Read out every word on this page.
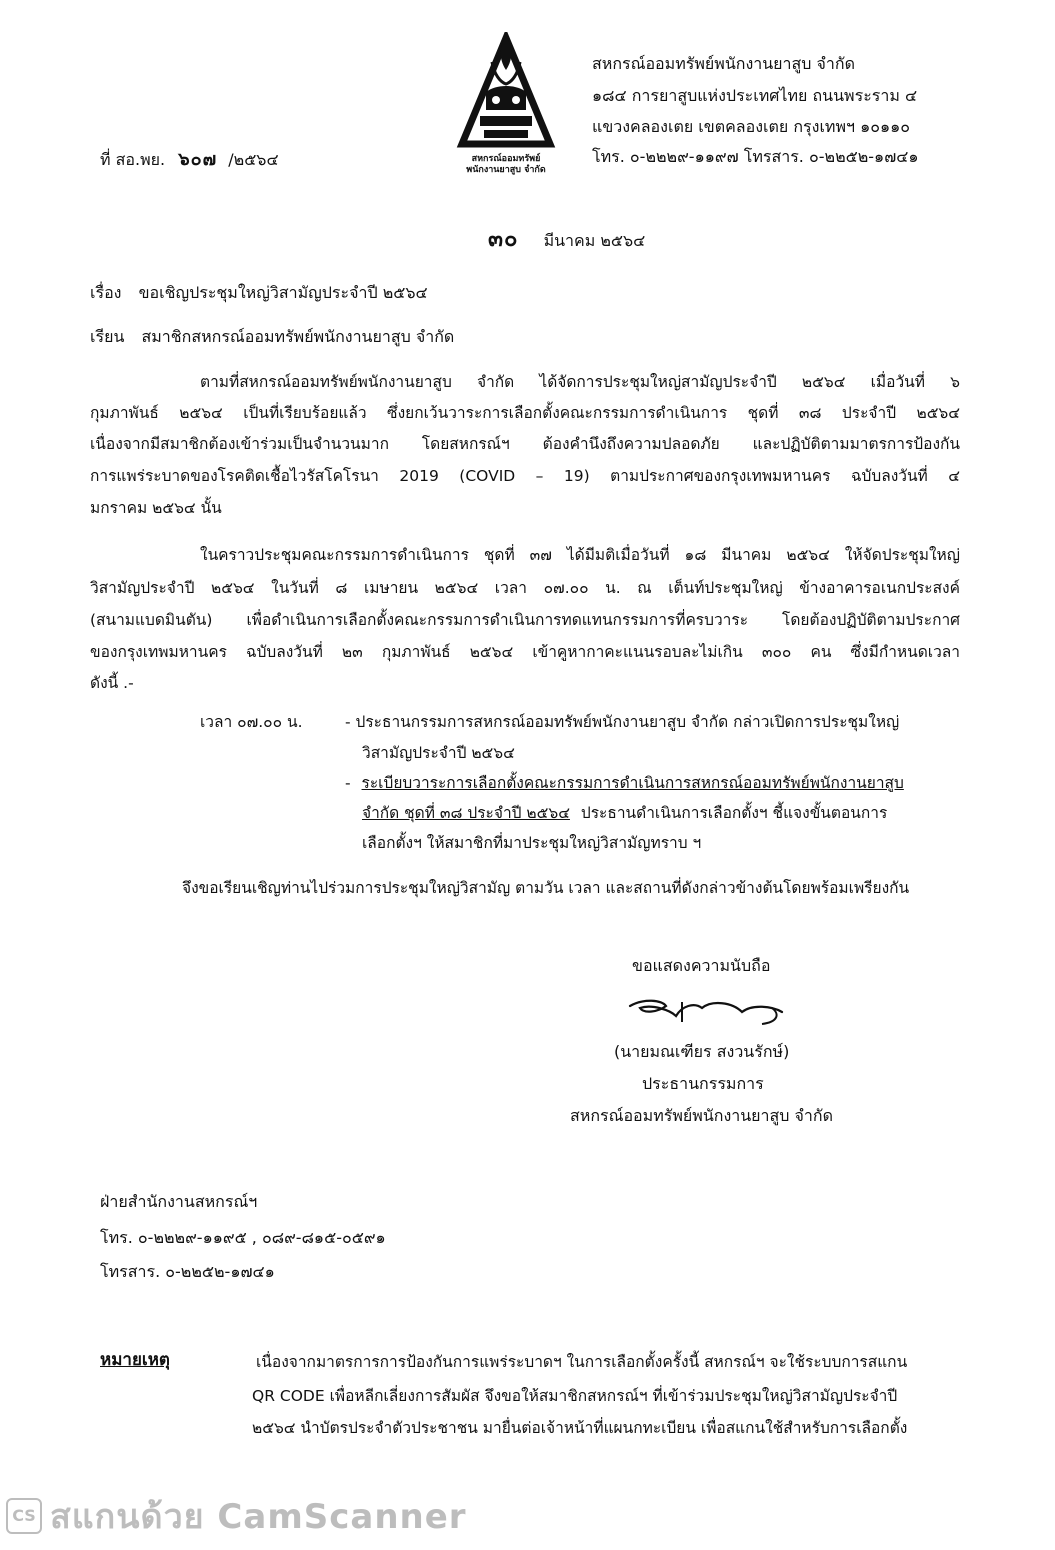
สหกรณ์ออมทรัพย์
พนักงานยาสูบ จำกัด
สหกรณ์ออมทรัพย์พนักงานยาสูบ จำกัด
๑๘๔ การยาสูบแห่งประเทศไทย ถนนพระราม ๔
แขวงคลองเตย เขตคลองเตย กรุงเทพฯ ๑๐๑๑๐
โทร. ๐-๒๒๒๙-๑๑๙๗ โทรสาร. ๐-๒๒๕๒-๑๗๔๑
ที่ สอ.พย. ๖๐๗ /๒๕๖๔
๓๐ มีนาคม ๒๕๖๔
เรื่อง ขอเชิญประชุมใหญ่วิสามัญประจำปี ๒๕๖๔
เรียน สมาชิกสหกรณ์ออมทรัพย์พนักงานยาสูบ จำกัด
ตามที่สหกรณ์ออมทรัพย์พนักงานยาสูบ จำกัด ได้จัดการประชุมใหญ่สามัญประจำปี ๒๕๖๔ เมื่อวันที่ ๖
กุมภาพันธ์ ๒๕๖๔ เป็นที่เรียบร้อยแล้ว ซึ่งยกเว้นวาระการเลือกตั้งคณะกรรมการดำเนินการ ชุดที่ ๓๘ ประจำปี ๒๕๖๔
เนื่องจากมีสมาชิกต้องเข้าร่วมเป็นจำนวนมาก โดยสหกรณ์ฯ ต้องคำนึงถึงความปลอดภัย และปฏิบัติตามมาตรการป้องกัน
การแพร่ระบาดของโรคติดเชื้อไวรัสโคโรนา 2019 (COVID – 19) ตามประกาศของกรุงเทพมหานคร ฉบับลงวันที่ ๔
มกราคม ๒๕๖๔ นั้น
ในคราวประชุมคณะกรรมการดำเนินการ ชุดที่ ๓๗ ได้มีมติเมื่อวันที่ ๑๘ มีนาคม ๒๕๖๔ ให้จัดประชุมใหญ่
วิสามัญประจำปี ๒๕๖๔ ในวันที่ ๘ เมษายน ๒๕๖๔ เวลา ๐๗.๐๐ น. ณ เต็นท์ประชุมใหญ่ ข้างอาคารอเนกประสงค์
(สนามแบดมินตัน) เพื่อดำเนินการเลือกตั้งคณะกรรมการดำเนินการทดแทนกรรมการที่ครบวาระ โดยต้องปฏิบัติตามประกาศ
ของกรุงเทพมหานคร ฉบับลงวันที่ ๒๓ กุมภาพันธ์ ๒๕๖๔ เข้าคูหากาคะแนนรอบละไม่เกิน ๓๐๐ คน ซึ่งมีกำหนดเวลา
ดังนี้ .-
เวลา ๐๗.๐๐ น.	- ประธานกรรมการสหกรณ์ออมทรัพย์พนักงานยาสูบ จำกัด กล่าวเปิดการประชุมใหญ่
วิสามัญประจำปี ๒๕๖๔
- ระเบียบวาระการเลือกตั้งคณะกรรมการดำเนินการสหกรณ์ออมทรัพย์พนักงานยาสูบ
จำกัด ชุดที่ ๓๘ ประจำปี ๒๕๖๔ ประธานดำเนินการเลือกตั้งฯ ชี้แจงขั้นตอนการ
เลือกตั้งฯ ให้สมาชิกที่มาประชุมใหญ่วิสามัญทราบ ฯ
จึงขอเรียนเชิญท่านไปร่วมการประชุมใหญ่วิสามัญ ตามวัน เวลา และสถานที่ดังกล่าวข้างต้นโดยพร้อมเพรียงกัน
ขอแสดงความนับถือ
(นายมณเฑียร สงวนรักษ์)
ประธานกรรมการ
สหกรณ์ออมทรัพย์พนักงานยาสูบ จำกัด
ฝ่ายสำนักงานสหกรณ์ฯ
โทร. ๐-๒๒๒๙-๑๑๙๕ , ๐๘๙-๘๑๕-๐๕๙๑
โทรสาร. ๐-๒๒๕๒-๑๗๔๑
หมายเหตุ	เนื่องจากมาตรการการป้องกันการแพร่ระบาดฯ ในการเลือกตั้งครั้งนี้ สหกรณ์ฯ จะใช้ระบบการสแกน
QR CODE เพื่อหลีกเลี่ยงการสัมผัส จึงขอให้สมาชิกสหกรณ์ฯ ที่เข้าร่วมประชุมใหญ่วิสามัญประจำปี
๒๕๖๔ นำบัตรประจำตัวประชาชน มายื่นต่อเจ้าหน้าที่แผนกทะเบียน เพื่อสแกนใช้สำหรับการเลือกตั้ง
CS สแกนด้วย CamScanner
